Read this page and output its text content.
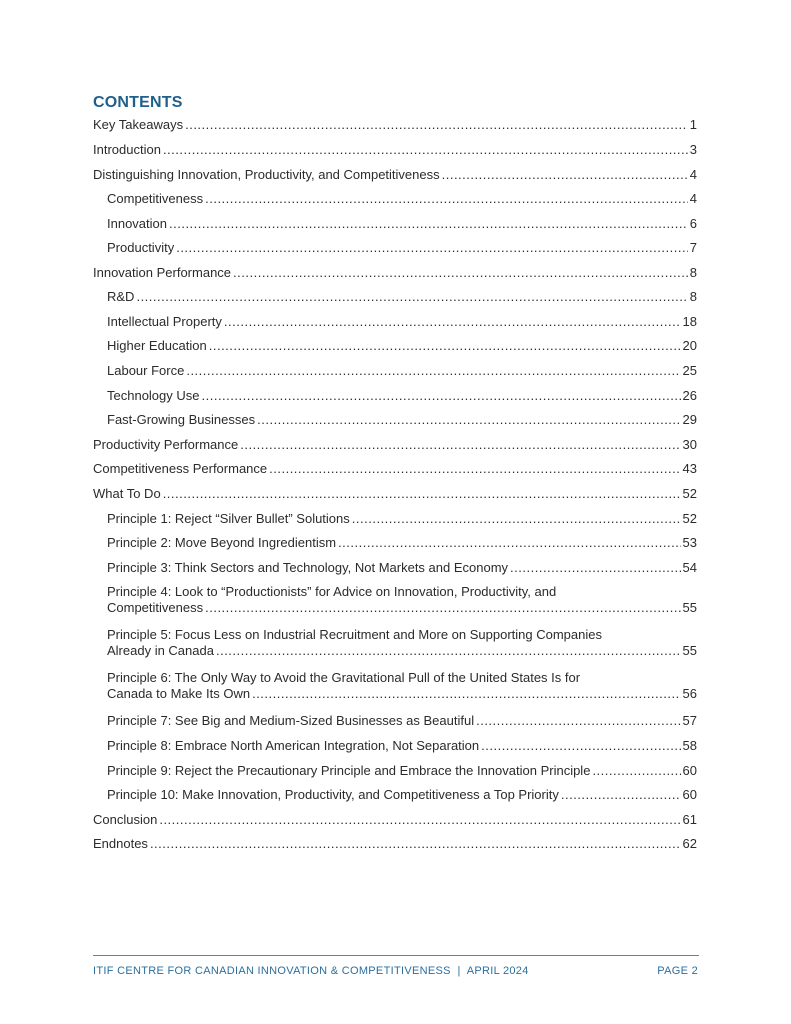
CONTENTS
Key Takeaways .....	1
Introduction .....	3
Distinguishing Innovation, Productivity, and Competitiveness .....	4
Competitiveness .....	4
Innovation .....	6
Productivity .....	7
Innovation Performance .....	8
R&D .....	8
Intellectual Property .....	18
Higher Education .....	20
Labour Force .....	25
Technology Use .....	26
Fast-Growing Businesses .....	29
Productivity Performance .....	30
Competitiveness Performance .....	43
What To Do .....	52
Principle 1: Reject “Silver Bullet” Solutions .....	52
Principle 2: Move Beyond Ingredientism .....	53
Principle 3: Think Sectors and Technology, Not Markets and Economy .....	54
Principle 4: Look to “Productionists” for Advice on Innovation, Productivity, and
Competitiveness .....	55
Principle 5: Focus Less on Industrial Recruitment and More on Supporting Companies
Already in Canada .....	55
Principle 6: The Only Way to Avoid the Gravitational Pull of the United States Is for
Canada to Make Its Own .....	56
Principle 7: See Big and Medium-Sized Businesses as Beautiful .....	57
Principle 8: Embrace North American Integration, Not Separation .....	58
Principle 9: Reject the Precautionary Principle and Embrace the Innovation Principle .....	60
Principle 10: Make Innovation, Productivity, and Competitiveness a Top Priority .....	60
Conclusion .....	61
Endnotes .....	62
ITIF CENTRE FOR CANADIAN INNOVATION & COMPETITIVENESS  |  APRIL 2024	PAGE 2
